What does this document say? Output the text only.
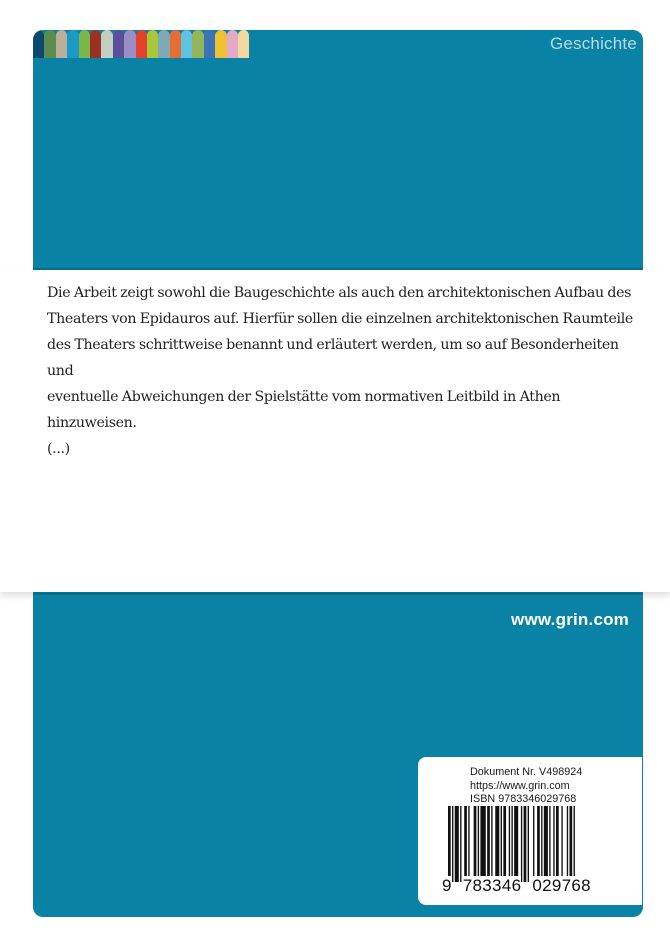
Geschichte

Die Arbeit zeigt sowohl die Baugeschichte als auch den architektonischen Aufbau des

Theaters von Epidauros auf. Hierfür sollen die einzelnen architektonischen Raumteile

des Theaters schrittweise benannt und erläutert werden, um so auf Besonderheiten und

eventuelle Abweichungen der Spielstätte vom normativen Leitbild in Athen hinzuweisen.

(...)

www.grin.com
Dokument Nr. V498924
https://www.grin.com
ISBN 9783346029768
9 783346 029768
